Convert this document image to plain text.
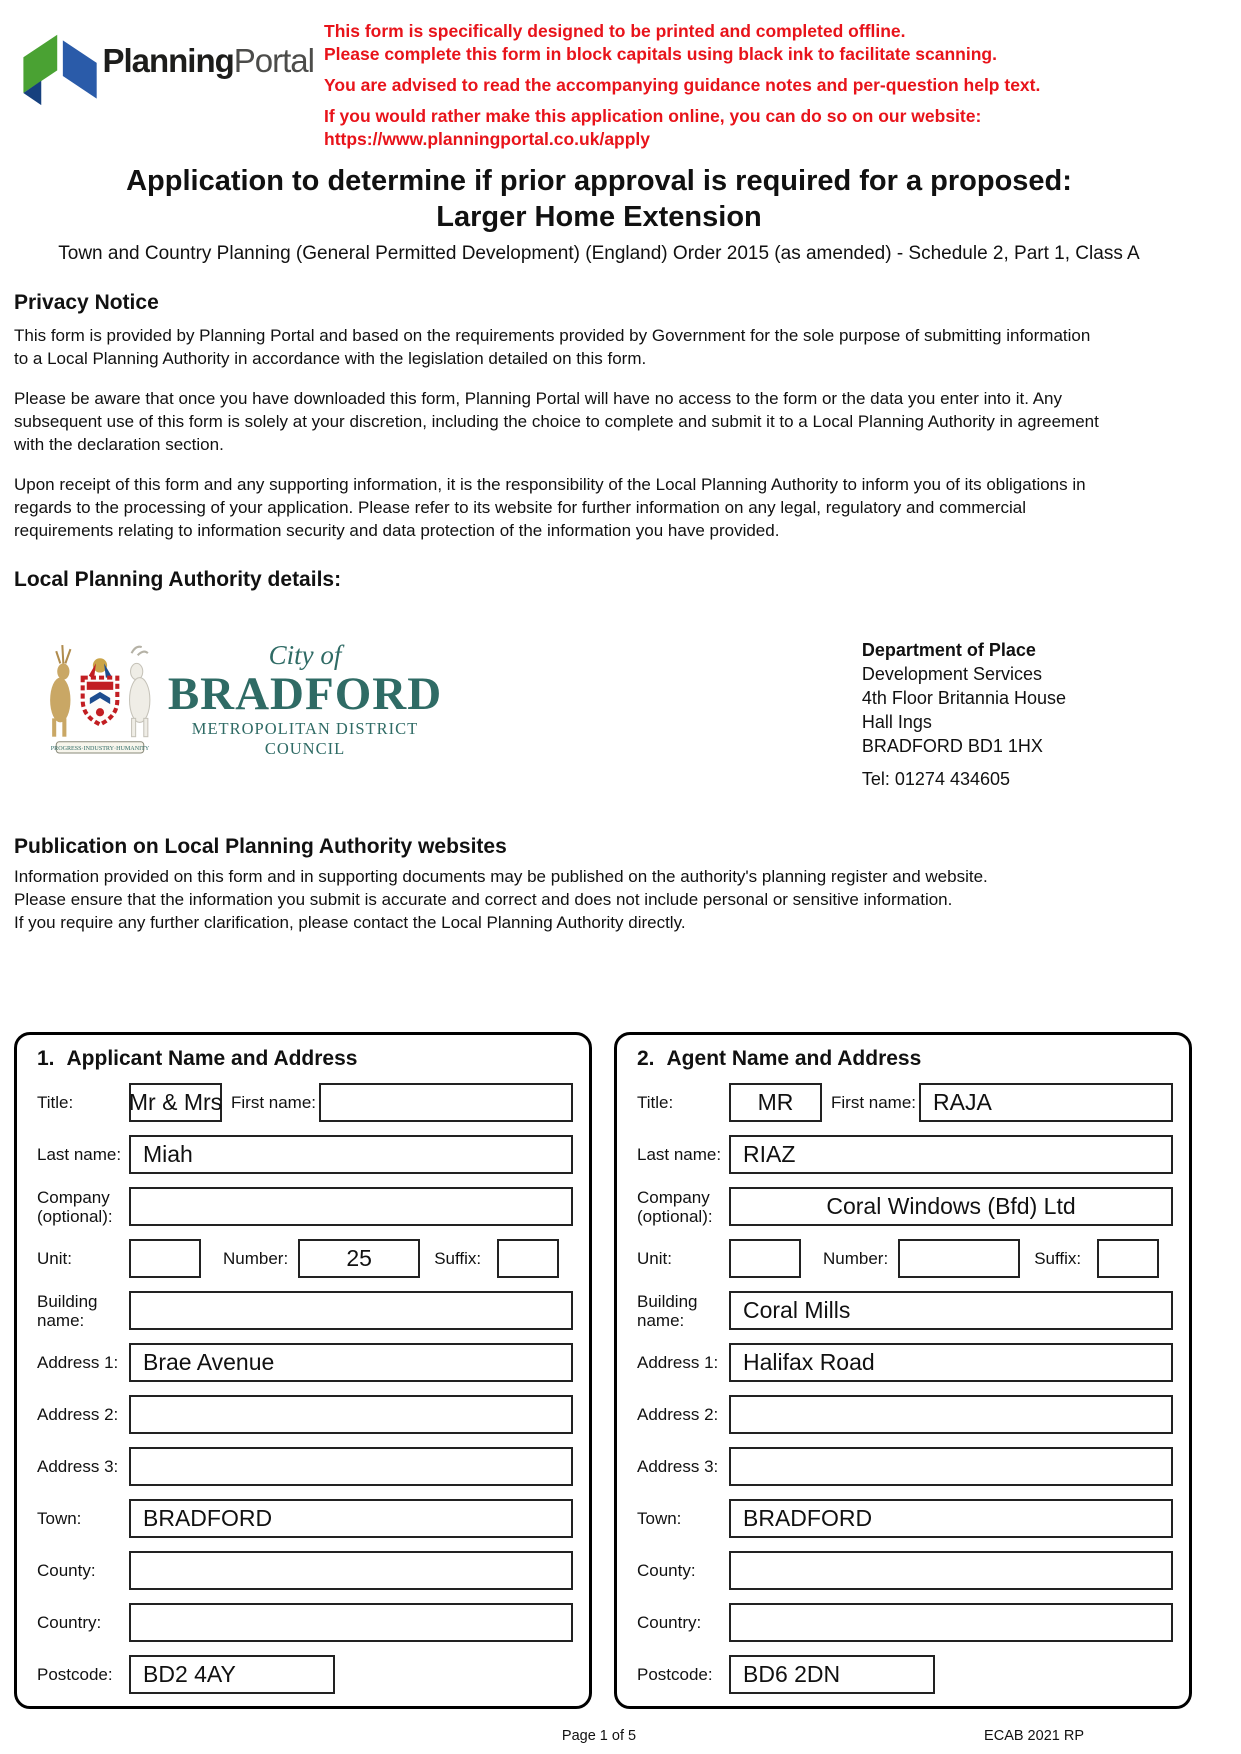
PlanningPortal
This form is specifically designed to be printed and completed offline.
Please complete this form in block capitals using black ink to facilitate scanning.
You are advised to read the accompanying guidance notes and per-question help text.
If you would rather make this application online, you can do so on our website:
https://www.planningportal.co.uk/apply
Application to determine if prior approval is required for a proposed:
Larger Home Extension
Town and Country Planning (General Permitted Development) (England) Order 2015 (as amended) - Schedule 2, Part 1, Class A
Privacy Notice

This form is provided by Planning Portal and based on the requirements provided by Government for the sole purpose of submitting information to a Local Planning Authority in accordance with the legislation detailed on this form.

Please be aware that once you have downloaded this form, Planning Portal will have no access to the form or the data you enter into it. Any subsequent use of this form is solely at your discretion, including the choice to complete and submit it to a Local Planning Authority in agreement with the declaration section.

Upon receipt of this form and any supporting information, it is the responsibility of the Local Planning Authority to inform you of its obligations in regards to the processing of your application. Please refer to its website for further information on any legal, regulatory and commercial requirements relating to information security and data protection of the information you have provided.

Local Planning Authority details:
PROGRESS·INDUSTRY·HUMANITY
City of
BRADFORD
METROPOLITAN DISTRICT COUNCIL
Department of Place
Development Services
4th Floor Britannia House
Hall Ings
BRADFORD BD1 1HX
Tel: 01274 434605
Publication on Local Planning Authority websites
Information provided on this form and in supporting documents may be published on the authority's planning register and website.
Please ensure that the information you submit is accurate and correct and does not include personal or sensitive information.
If you require any further clarification, please contact the Local Planning Authority directly.
1. Applicant Name and Address
Title:	Mr & Mrs First name:
Last name: Miah
Company (optional):
Unit:	Number:	25	Suffix:
Building name:
Address 1:	Brae Avenue
Address 2:
Address 3:
Town:	BRADFORD
County:
Country:
Postcode:	BD2 4AY
2. Agent Name and Address
Title:	MR	First name: RAJA
Last name: RIAZ
Company (optional):	Coral Windows (Bfd) Ltd
Unit:	Number:	Suffix:
Building name:	Coral Mills
Address 1:	Halifax Road
Address 2:
Address 3:
Town:	BRADFORD
County:
Country:
Postcode:	BD6 2DN
Page 1 of 5	ECAB 2021 RP
